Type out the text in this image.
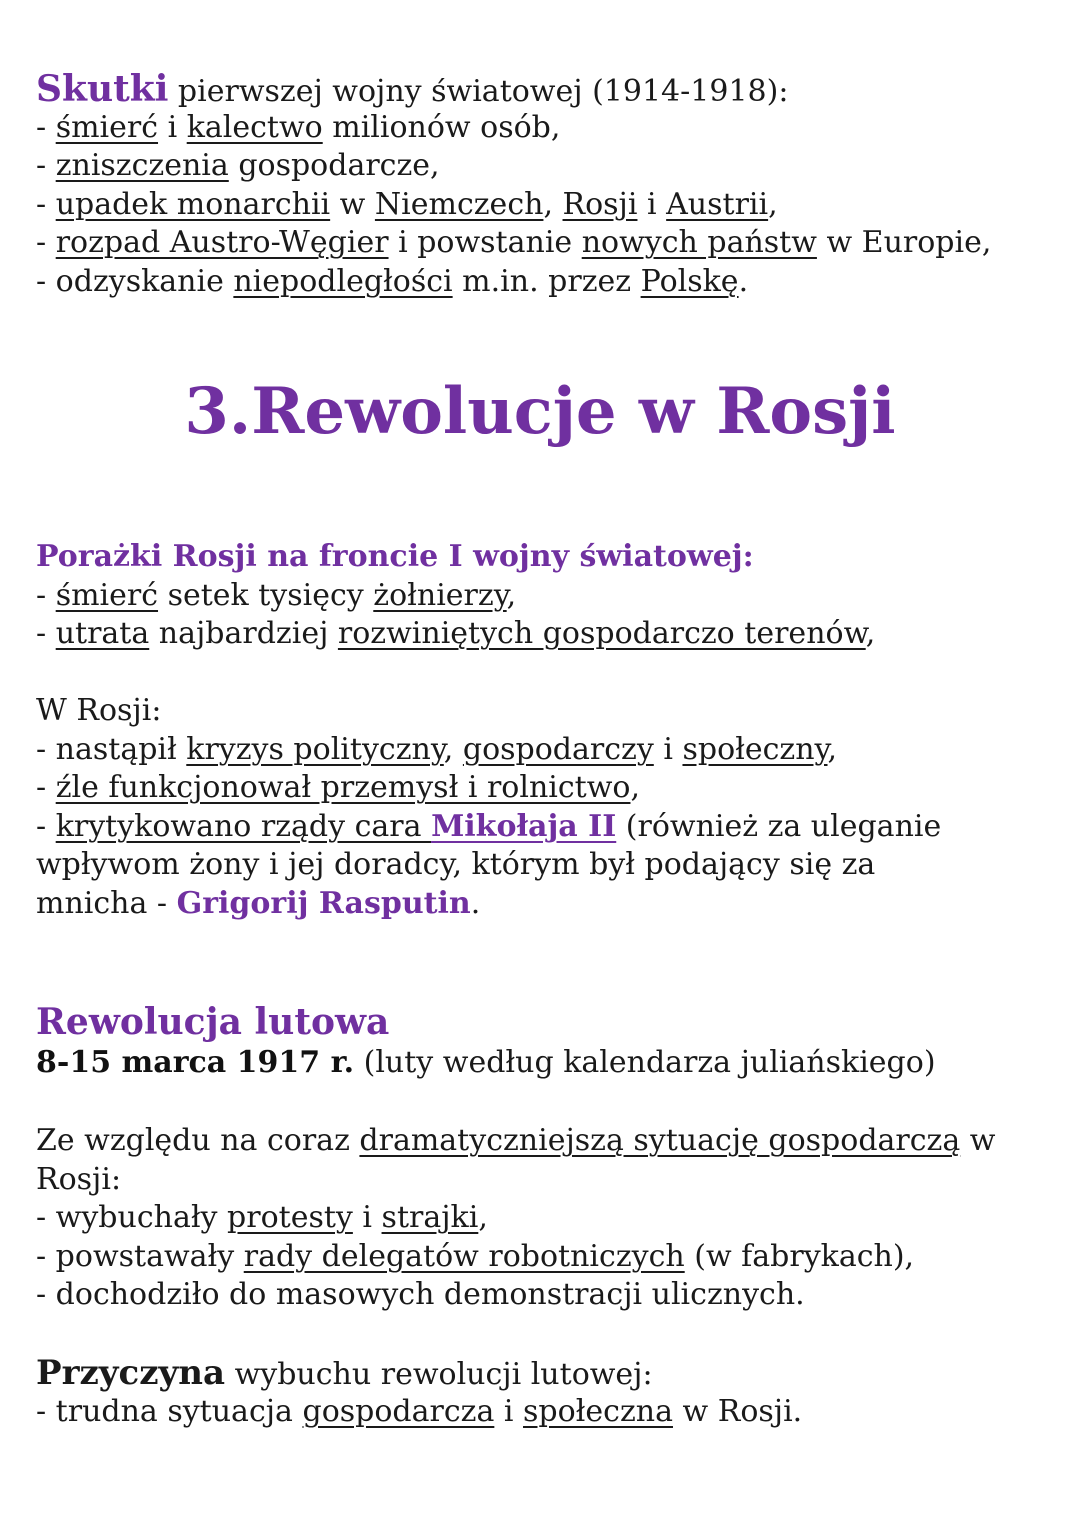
Skutki pierwszej wojny światowej (1914-1918):
- śmierć i kalectwo milionów osób,
- zniszczenia gospodarcze,
- upadek monarchii w Niemczech, Rosji i Austrii,
- rozpad Austro-Węgier i powstanie nowych państw w Europie,
- odzyskanie niepodległości m.in. przez Polskę.
3.Rewolucje w Rosji
Porażki Rosji na froncie I wojny światowej:
- śmierć setek tysięcy żołnierzy,
- utrata najbardziej rozwiniętych gospodarczo terenów,
W Rosji:
- nastąpił kryzys polityczny, gospodarczy i społeczny,
- źle funkcjonował przemysł i rolnictwo,
- krytykowano rządy cara Mikołaja II (również za uleganie
wpływom żony i jej doradcy, którym był podający się za
mnicha - Grigorij Rasputin.
Rewolucja lutowa
8-15 marca 1917 r. (luty według kalendarza juliańskiego)
Ze względu na coraz dramatyczniejszą sytuację gospodarczą w
Rosji:
- wybuchały protesty i strajki,
- powstawały rady delegatów robotniczych (w fabrykach),
- dochodziło do masowych demonstracji ulicznych.
Przyczyna wybuchu rewolucji lutowej:
- trudna sytuacja gospodarcza i społeczna w Rosji.
